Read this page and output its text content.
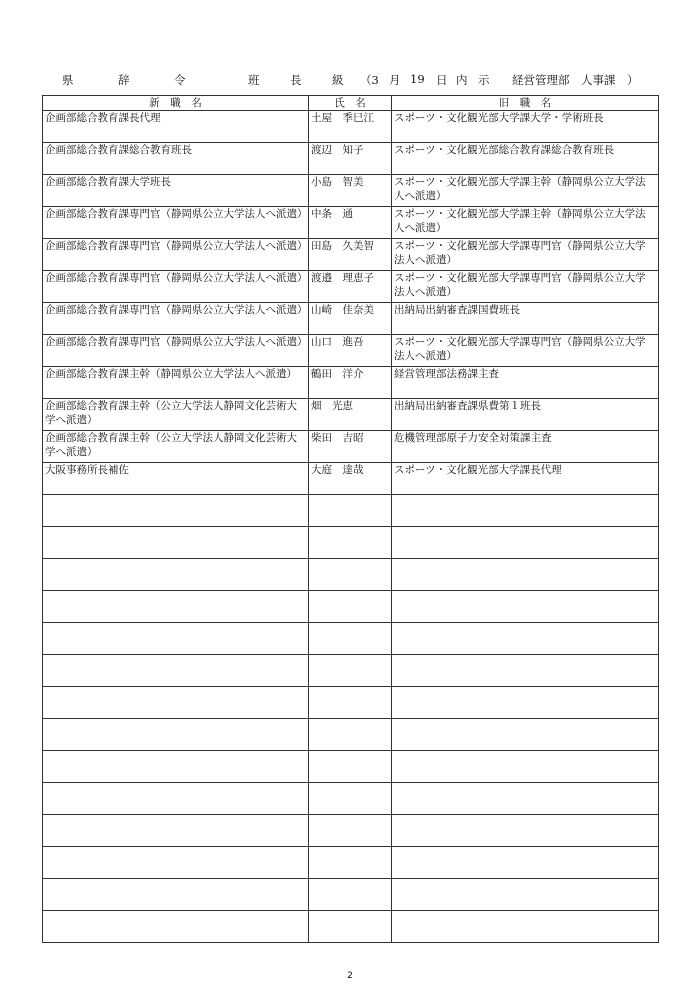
県	辞	令	班	長	級 （3 月 19 日 内 示 経営管理部　人事課　）
新　職　名	氏　名	旧　職　名
企画部総合教育課長代理	土屋　季巳江	スポーツ・文化観光部大学課大学・学術班長
企画部総合教育課総合教育班長	渡辺　知子	スポーツ・文化観光部総合教育課総合教育班長
企画部総合教育課大学班長	小島　智美	スポーツ・文化観光部大学課主幹（静岡県公立大学法人へ派遣）
企画部総合教育課専門官（静岡県公立大学法人へ派遣）	中条　通	スポーツ・文化観光部大学課主幹（静岡県公立大学法人へ派遣）
企画部総合教育課専門官（静岡県公立大学法人へ派遣）	田島　久美智	スポーツ・文化観光部大学課専門官（静岡県公立大学法人へ派遣）
企画部総合教育課専門官（静岡県公立大学法人へ派遣）	渡邉　理恵子	スポーツ・文化観光部大学課専門官（静岡県公立大学法人へ派遣）
企画部総合教育課専門官（静岡県公立大学法人へ派遣）	山崎　佳奈美	出納局出納審査課国費班長
企画部総合教育課専門官（静岡県公立大学法人へ派遣）	山口　進吾	スポーツ・文化観光部大学課専門官（静岡県公立大学法人へ派遣）
企画部総合教育課主幹（静岡県公立大学法人へ派遣）	鶴田　洋介	経営管理部法務課主査
企画部総合教育課主幹（公立大学法人静岡文化芸術大学へ派遣）	畑　光恵	出納局出納審査課県費第１班長
企画部総合教育課主幹（公立大学法人静岡文化芸術大学へ派遣）	柴田　吉昭	危機管理部原子力安全対策課主査
大阪事務所長補佐	大庭　達哉	スポーツ・文化観光部大学課長代理

2
